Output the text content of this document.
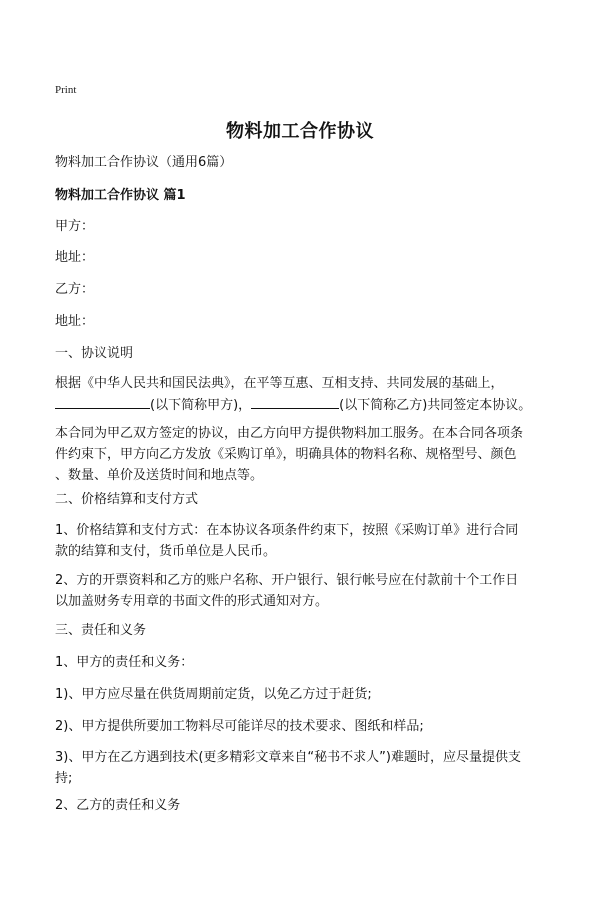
Print
物料加工合作协议
物料加工合作协议（通用6篇）
物料加工合作协议 篇1
甲方：
地址：
乙方：
地址：
一、协议说明
根据《中华人民共和国民法典》，在平等互惠、互相支持、共同发展的基础上，
(以下简称甲方)，	(以下简称乙方)共同签定本协议。
本合同为甲乙双方签定的协议，由乙方向甲方提供物料加工服务。在本合同各项条
件约束下，甲方向乙方发放《采购订单》，明确具体的物料名称、规格型号、颜色
、数量、单价及送货时间和地点等。
二、价格结算和支付方式
1、价格结算和支付方式：在本协议各项条件约束下，按照《采购订单》进行合同
款的结算和支付，货币单位是人民币。
2、方的开票资料和乙方的账户名称、开户银行、银行帐号应在付款前十个工作日
以加盖财务专用章的书面文件的形式通知对方。
三、责任和义务
1、甲方的责任和义务：
1)、甲方应尽量在供货周期前定货，以免乙方过于赶货;
2)、甲方提供所要加工物料尽可能详尽的技术要求、图纸和样品;
3)、甲方在乙方遇到技术(更多精彩文章来自“秘书不求人”)难题时，应尽量提供支
持;
2、乙方的责任和义务
